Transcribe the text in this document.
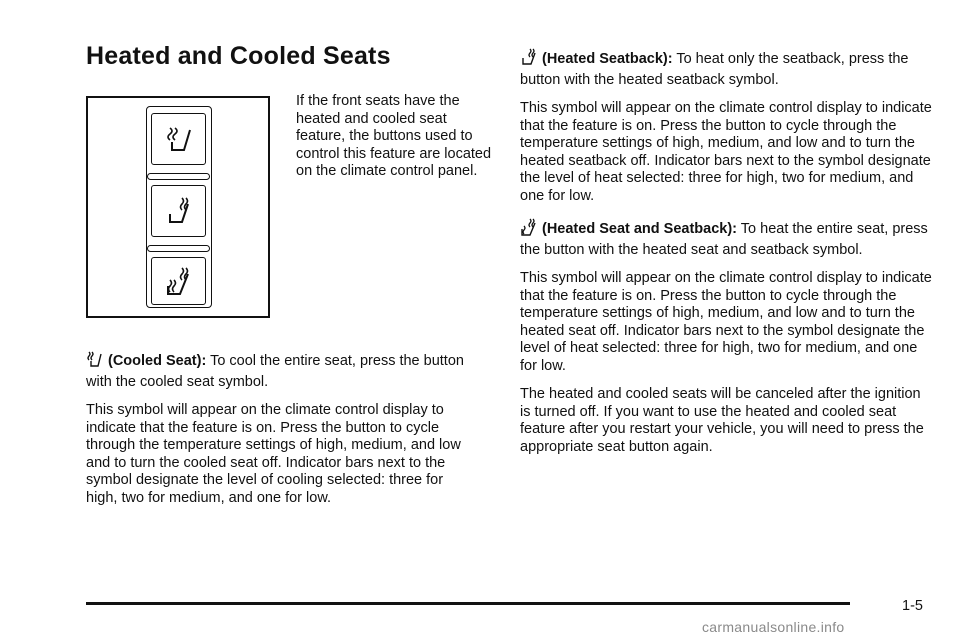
Heated and Cooled Seats

If the front seats have the heated and cooled seat feature, the buttons used to control this feature are located on the climate control panel.

(Cooled Seat): To cool the entire seat, press the button with the cooled seat symbol.

This symbol will appear on the climate control display to indicate that the feature is on. Press the button to cycle through the temperature settings of high, medium, and low and to turn the cooled seat off. Indicator bars next to the symbol designate the level of cooling selected: three for high, two for medium, and one for low.

(Heated Seatback): To heat only the seatback, press the button with the heated seatback symbol.

This symbol will appear on the climate control display to indicate that the feature is on. Press the button to cycle through the temperature settings of high, medium, and low and to turn the heated seatback off. Indicator bars next to the symbol designate the level of heat selected: three for high, two for medium, and one for low.

(Heated Seat and Seatback): To heat the entire seat, press the button with the heated seat and seatback symbol.

This symbol will appear on the climate control display to indicate that the feature is on. Press the button to cycle through the temperature settings of high, medium, and low and to turn the heated seat off. Indicator bars next to the symbol designate the level of heat selected: three for high, two for medium, and one for low.

The heated and cooled seats will be canceled after the ignition is turned off. If you want to use the heated and cooled seat feature after you restart your vehicle, you will need to press the appropriate seat button again.

1-5
carmanualsonline.info
